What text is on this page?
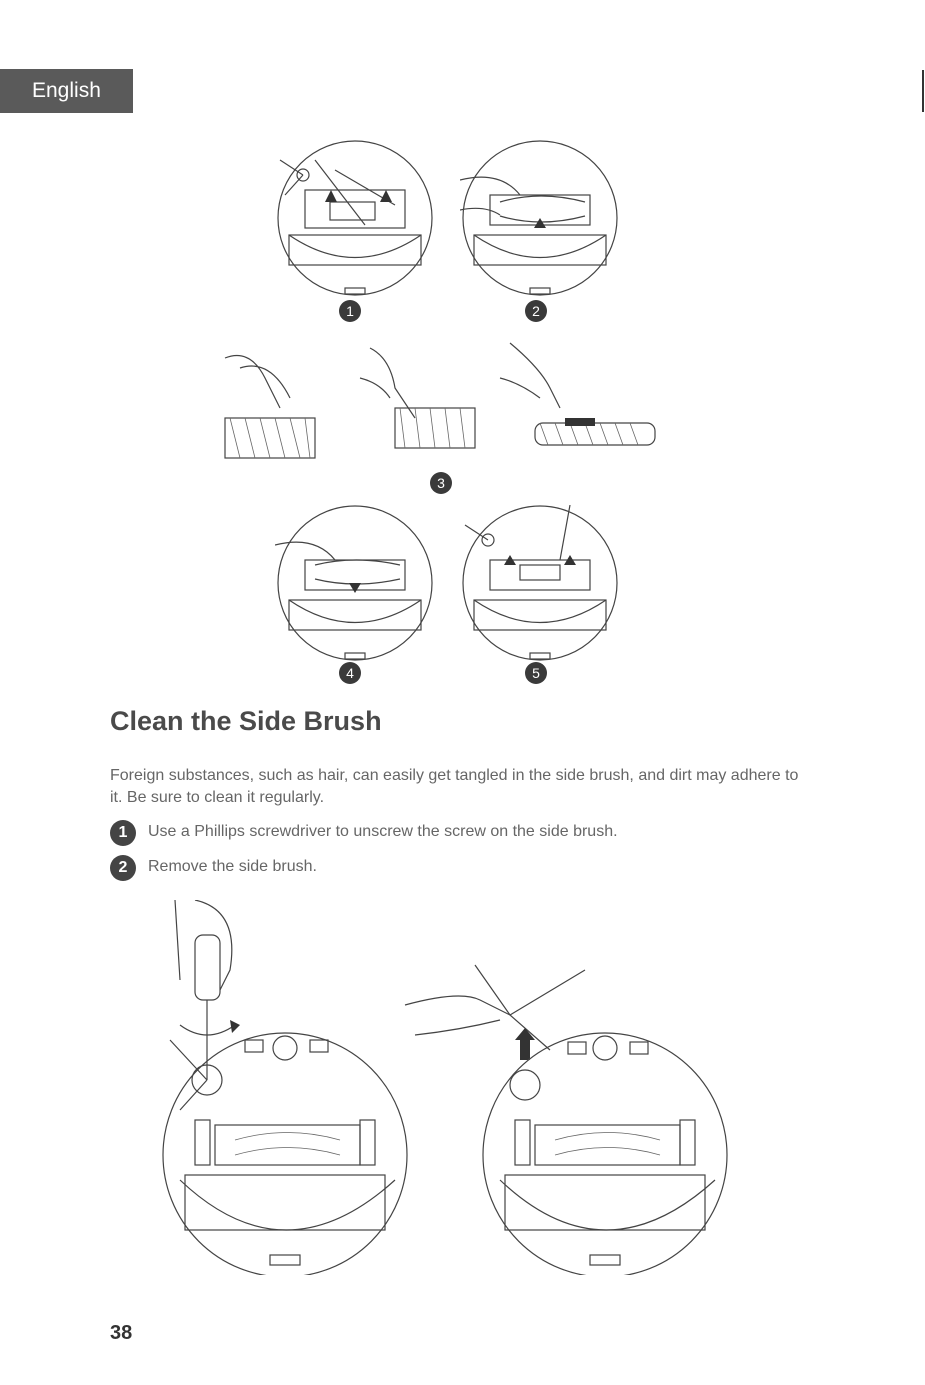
English
1	2
3
4	5
Clean the Side Brush

Foreign substances, such as hair, can easily get tangled in the side brush, and dirt may adhere to it. Be sure to clean it regularly.

1	Use a Phillips screwdriver to unscrew the screw on the side brush.
2	Remove the side brush.
38
